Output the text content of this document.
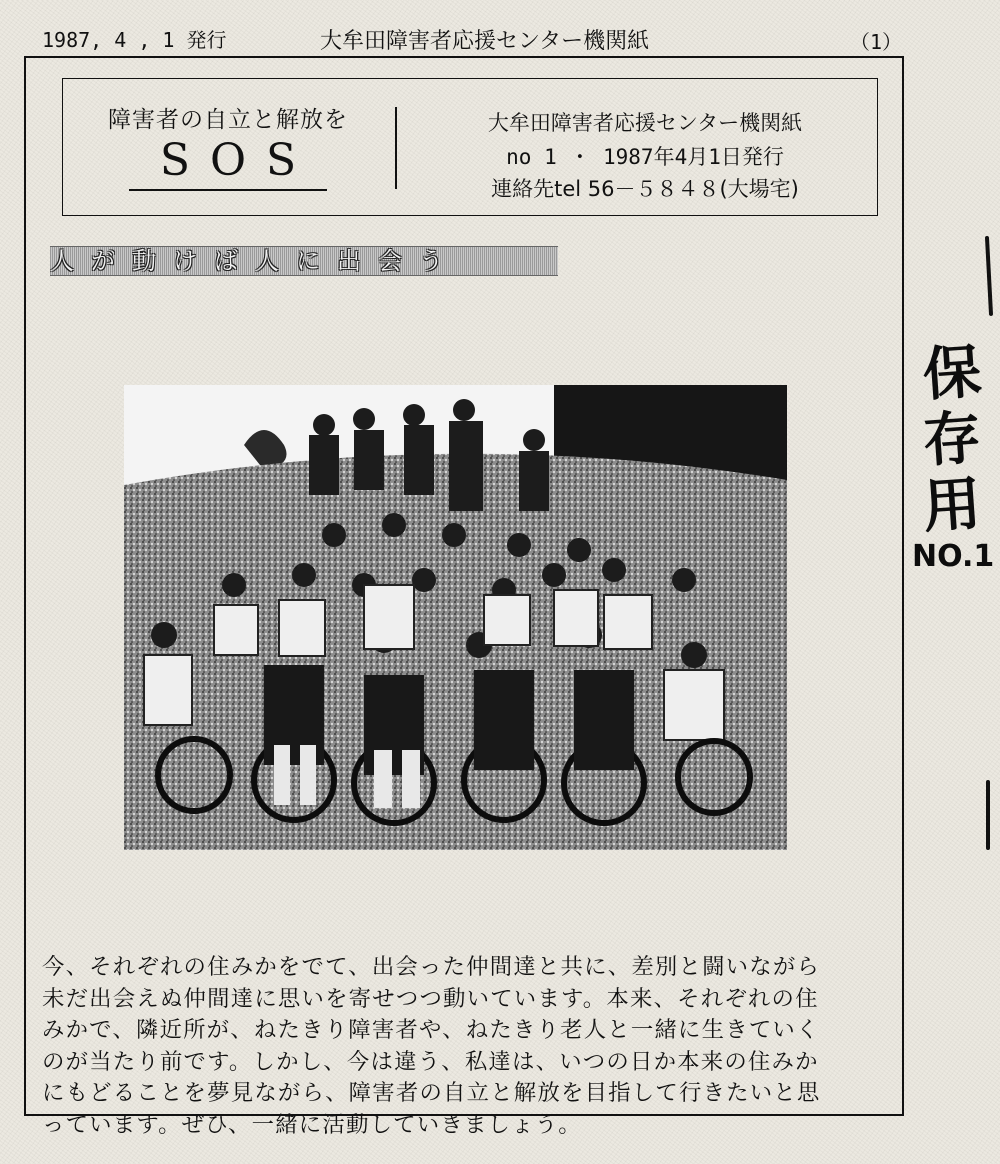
1987, 4 , 1 発行	大牟田障害者応援センター機関紙	（1）
障害者の自立と解放を
SOS
大牟田障害者応援センター機関紙
no 1 ・ 1987年4月1日発行
連絡先tel 56－５８４８(大場宅)
人が動けば人に出会う
今、それぞれの住みかをでて、出会った仲間達と共に、差別と闘いながら
未だ出会えぬ仲間達に思いを寄せつつ動いています。本来、それぞれの住
みかで、隣近所が、ねたきり障害者や、ねたきり老人と一緒に生きていく
のが当たり前です。しかし、今は違う、私達は、いつの日か本来の住みか
にもどることを夢見ながら、障害者の自立と解放を目指して行きたいと思
っています。ぜひ、一緒に活動していきましょう。
保
存
用
NO.1
